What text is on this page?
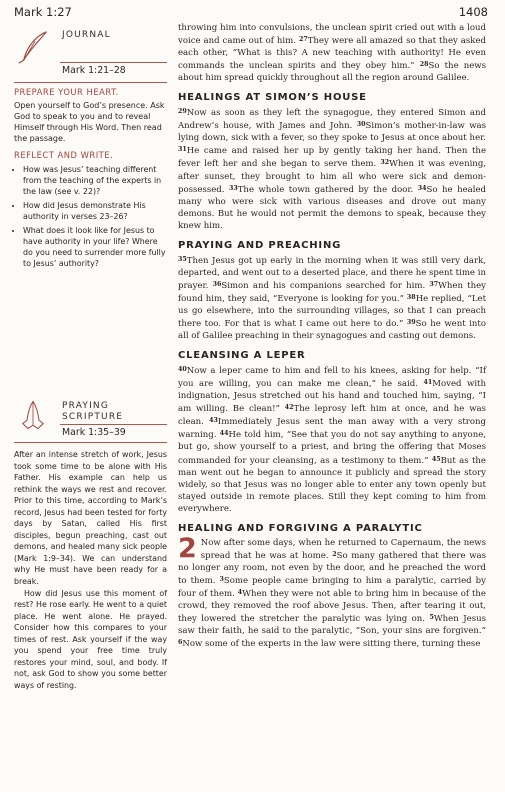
Mark 1:27	1408
JOURNAL
Mark 1:21–28

PREPARE YOUR HEART.

Open yourself to God’s presence. Ask God to speak to you and to reveal Himself through His Word. Then read the passage.

REFLECT AND WRITE.

• How was Jesus’ teaching different from the teaching of the experts in the law (see v. 22)?
• How did Jesus demonstrate His authority in verses 23–26?
• What does it look like for Jesus to have authority in your life? Where do you need to surrender more fully to Jesus’ authority?
PRAYING
SCRIPTURE
Mark 1:35–39

After an intense stretch of work, Jesus took some time to be alone with His Father. His example can help us rethink the ways we rest and recover. Prior to this time, according to Mark’s record, Jesus had been tested for forty days by Satan, called His first disciples, begun preaching, cast out demons, and healed many sick people (Mark 1:9–34). We can understand why He must have been ready for a break.

How did Jesus use this moment of rest? He rose early. He went to a quiet place. He went alone. He prayed. Consider how this compares to your times of rest. Ask yourself if the way you spend your free time truly restores your mind, soul, and body. If not, ask God to show you some better ways of resting.

throwing him into convulsions, the unclean spirit cried out with a loud voice and came out of him. $^{27}$They were all amazed so that they asked each other, “What is this? A new teaching with authority! He even commands the unclean spirits and they obey him.” $^{28}$So the news about him spread quickly throughout all the region around Galilee.

HEALINGS AT SIMON’S HOUSE

$^{29}$Now as soon as they left the synagogue, they entered Simon and Andrew’s house, with James and John. $^{30}$Simon’s mother-in-law was lying down, sick with a fever, so they spoke to Jesus at once about her. $^{31}$He came and raised her up by gently taking her hand. Then the fever left her and she began to serve them. $^{32}$When it was evening, after sunset, they brought to him all who were sick and demon-possessed. $^{33}$The whole town gathered by the door. $^{34}$So he healed many who were sick with various diseases and drove out many demons. But he would not permit the demons to speak, because they knew him.

PRAYING AND PREACHING

$^{35}$Then Jesus got up early in the morning when it was still very dark, departed, and went out to a deserted place, and there he spent time in prayer. $^{36}$Simon and his companions searched for him. $^{37}$When they found him, they said, “Everyone is looking for you.” $^{38}$He replied, “Let us go elsewhere, into the surrounding villages, so that I can preach there too. For that is what I came out here to do.” $^{39}$So he went into all of Galilee preaching in their synagogues and casting out demons.

CLEANSING A LEPER

$^{40}$Now a leper came to him and fell to his knees, asking for help. “If you are willing, you can make me clean,” he said. $^{41}$Moved with indignation, Jesus stretched out his hand and touched him, saying, “I am willing. Be clean!” $^{42}$The leprosy left him at once, and he was clean. $^{43}$Immediately Jesus sent the man away with a very strong warning. $^{44}$He told him, “See that you do not say anything to anyone, but go, show yourself to a priest, and bring the offering that Moses commanded for your cleansing, as a testimony to them.” $^{45}$But as the man went out he began to announce it publicly and spread the story widely, so that Jesus was no longer able to enter any town openly but stayed outside in remote places. Still they kept coming to him from everywhere.

HEALING AND FORGIVING A PARALYTIC

2 Now after some days, when he returned to Capernaum, the news spread that he was at home. $^2$So many gathered that there was no longer any room, not even by the door, and he preached the word to them. $^3$Some people came bringing to him a paralytic, carried by four of them. $^4$When they were not able to bring him in because of the crowd, they removed the roof above Jesus. Then, after tearing it out, they lowered the stretcher the paralytic was lying on. $^5$When Jesus saw their faith, he said to the paralytic, “Son, your sins are forgiven.” $^6$Now some of the experts in the law were sitting there, turning these
